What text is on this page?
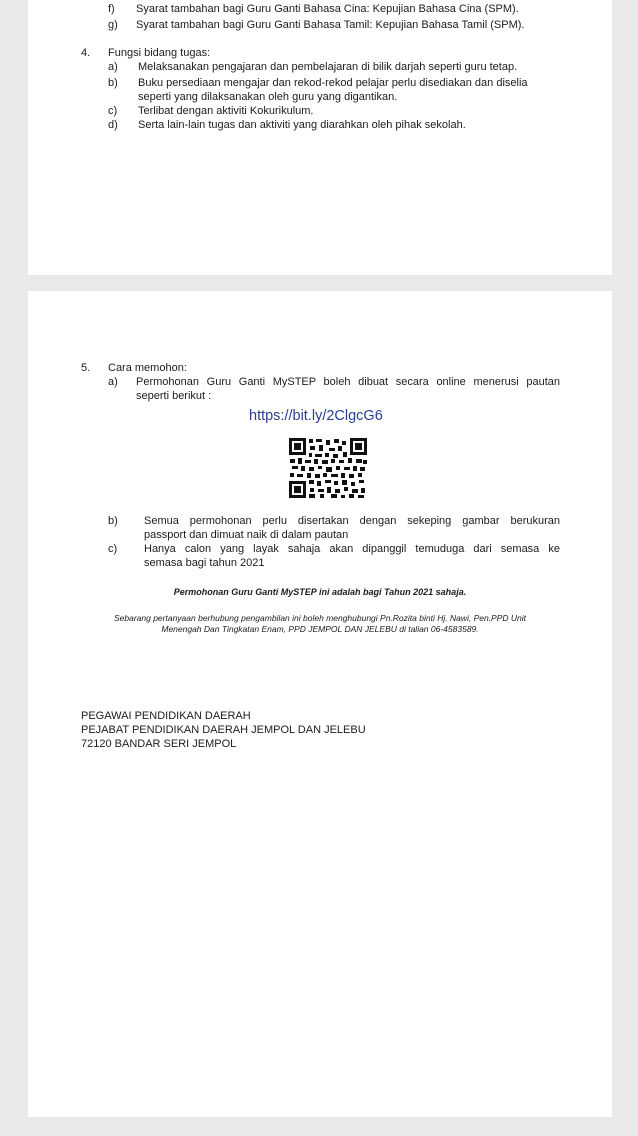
f) Syarat tambahan bagi Guru Ganti Bahasa Cina: Kepujian Bahasa Cina (SPM).
g) Syarat tambahan bagi Guru Ganti Bahasa Tamil: Kepujian Bahasa Tamil (SPM).
4. Fungsi bidang tugas:
a) Melaksanakan pengajaran dan pembelajaran di bilik darjah seperti guru tetap.
b) Buku persediaan mengajar dan rekod-rekod pelajar perlu disediakan dan diselia
seperti yang dilaksanakan oleh guru yang digantikan.
c) Terlibat dengan aktiviti Kokurikulum.
d) Serta lain-lain tugas dan aktiviti yang diarahkan oleh pihak sekolah.
5. Cara memohon:
a) Permohonan Guru Ganti MySTEP boleh dibuat secara online menerusi pautan
seperti berikut :
https://bit.ly/2ClgcG6
b) Semua permohonan perlu disertakan dengan sekeping gambar berukuran
passport dan dimuat naik di dalam pautan
c) Hanya calon yang layak sahaja akan dipanggil temuduga dari semasa ke
semasa bagi tahun 2021
Permohonan Guru Ganti MySTEP ini adalah bagi Tahun 2021 sahaja.
Sebarang pertanyaan berhubung pengambilan ini boleh menghubungi Pn.Rozita binti Hj. Nawi, Pen.PPD Unit
Menengah Dan Tingkatan Enam, PPD JEMPOL DAN JELEBU di talian 06-4583589.
PEGAWAI PENDIDIKAN DAERAH
PEJABAT PENDIDIKAN DAERAH JEMPOL DAN JELEBU
72120 BANDAR SERI JEMPOL
